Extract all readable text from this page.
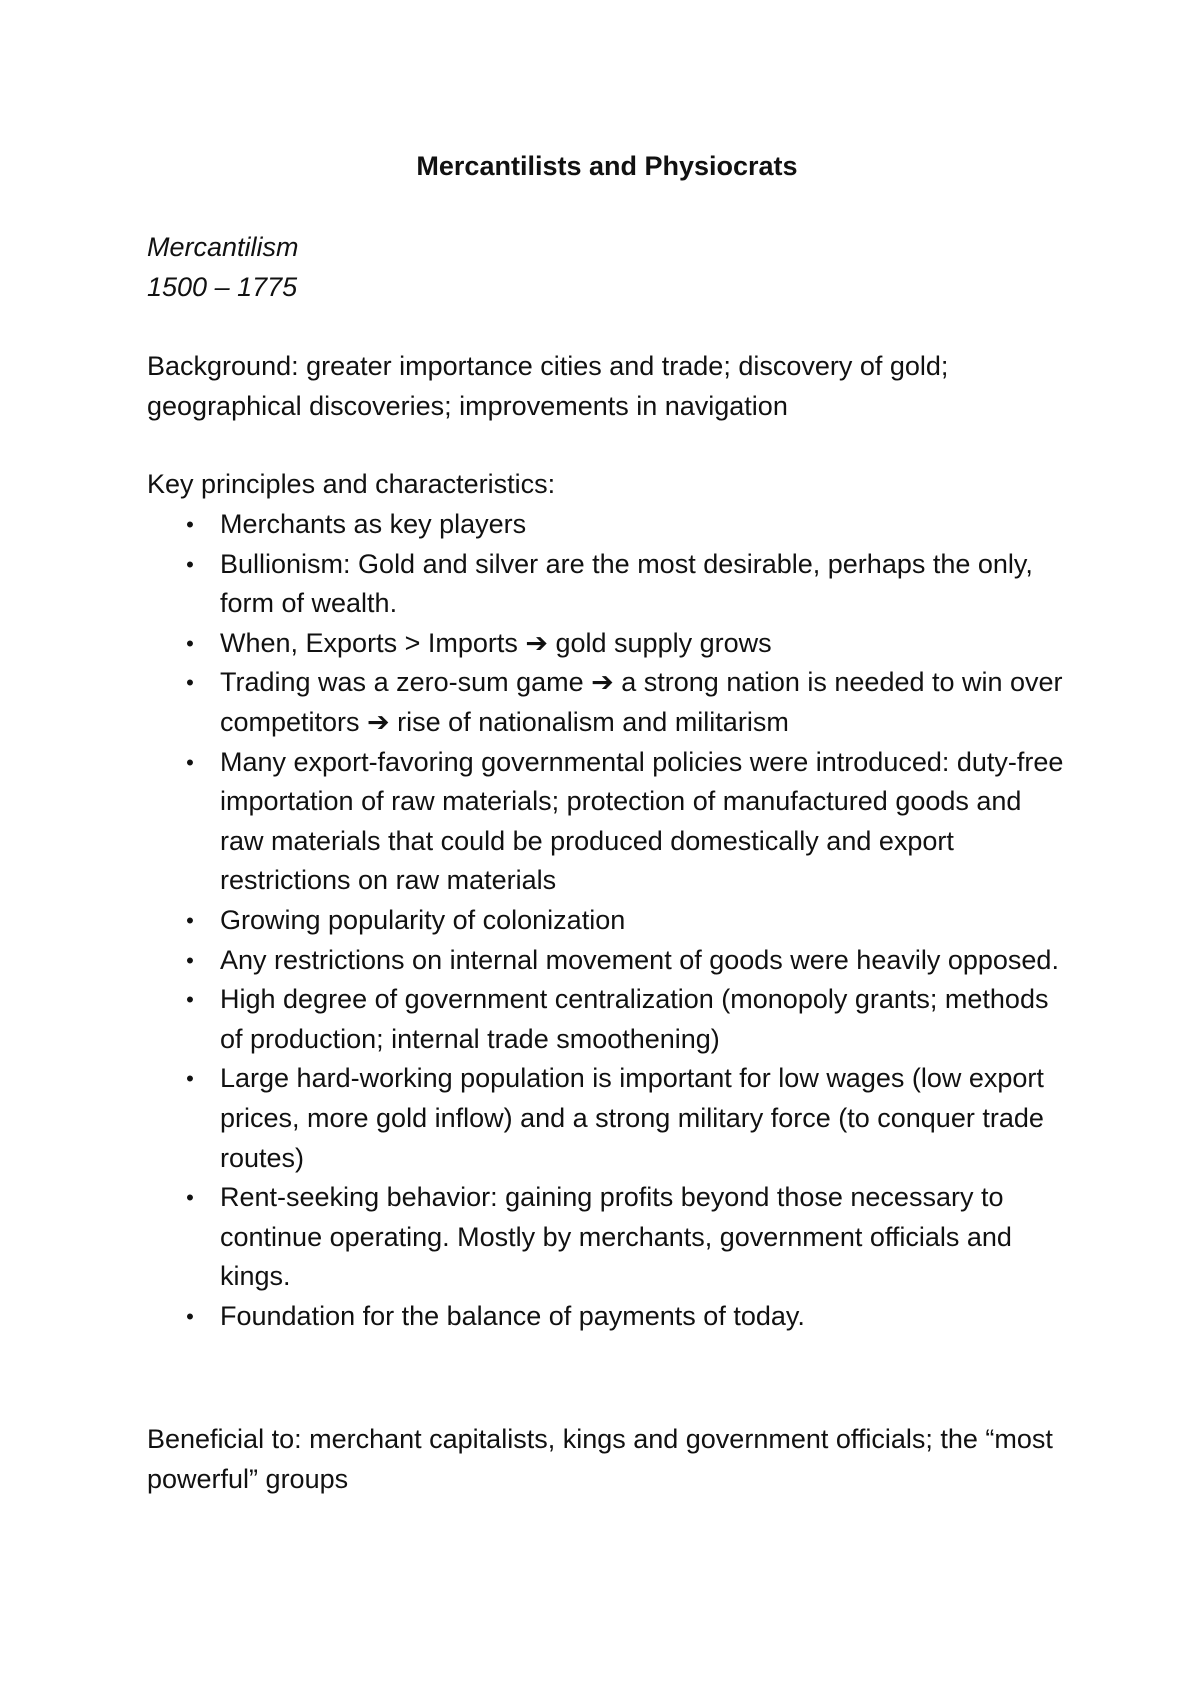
Mercantilists and Physiocrats
Mercantilism
1500 – 1775

Background: greater importance cities and trade; discovery of gold; geographical discoveries; improvements in navigation

Key principles and characteristics:

• Merchants as key players
• Bullionism: Gold and silver are the most desirable, perhaps the only, form of wealth.
• When, Exports > Imports ➔ gold supply grows
• Trading was a zero-sum game ➔ a strong nation is needed to win over competitors ➔ rise of nationalism and militarism
• Many export-favoring governmental policies were introduced: duty-free importation of raw materials; protection of manufactured goods and raw materials that could be produced domestically and export restrictions on raw materials
• Growing popularity of colonization
• Any restrictions on internal movement of goods were heavily opposed.
• High degree of government centralization (monopoly grants; methods of production; internal trade smoothening)
• Large hard-working population is important for low wages (low export prices, more gold inflow) and a strong military force (to conquer trade routes)
• Rent-seeking behavior: gaining profits beyond those necessary to continue operating. Mostly by merchants, government officials and kings.
• Foundation for the balance of payments of today.

Beneficial to: merchant capitalists, kings and government officials; the “most powerful” groups
